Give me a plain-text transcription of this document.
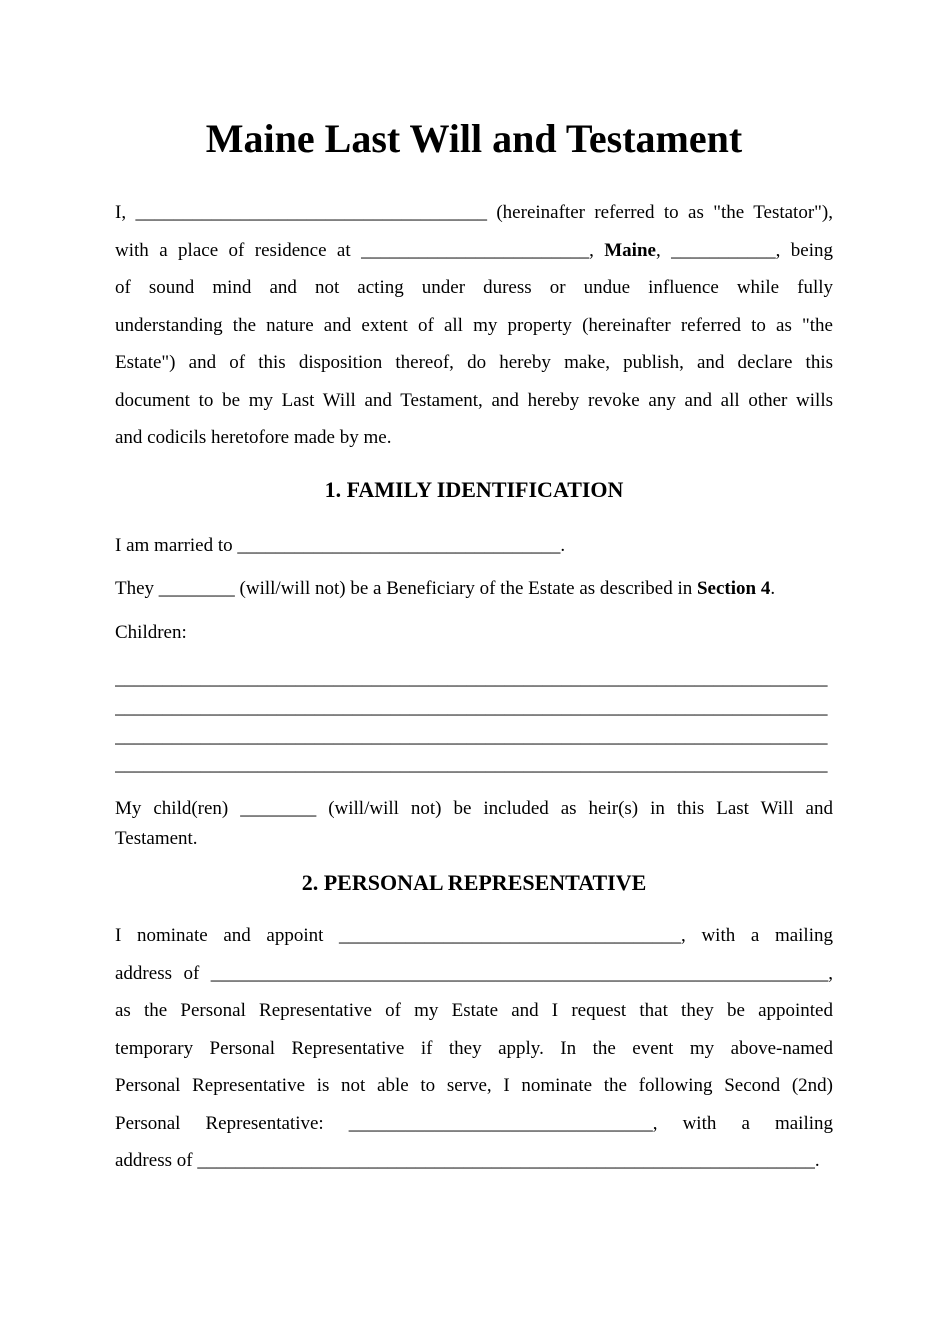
Maine Last Will and Testament
I, _____________________________________ (hereinafter referred to as "the Testator"),
with a place of residence at ________________________, Maine, ___________, being
of sound mind and not acting under duress or undue influence while fully
understanding the nature and extent of all my property (hereinafter referred to as "the
Estate") and of this disposition thereof, do hereby make, publish, and declare this
document to be my Last Will and Testament, and hereby revoke any and all other wills
and codicils heretofore made by me.
1. FAMILY IDENTIFICATION
I am married to __________________________________.
They ________ (will/will not) be a Beneficiary of the Estate as described in Section 4.
Children:
___________________________________________________________________________
___________________________________________________________________________
___________________________________________________________________________
___________________________________________________________________________
My child(ren) ________ (will/will not) be included as heir(s) in this Last Will and
Testament.
2. PERSONAL REPRESENTATIVE
I nominate and appoint ____________________________________, with a mailing
address of _________________________________________________________________,
as the Personal Representative of my Estate and I request that they be appointed
temporary Personal Representative if they apply. In the event my above-named
Personal Representative is not able to serve, I nominate the following Second (2nd)
Personal Representative: ________________________________, with a mailing
address of _________________________________________________________________.
